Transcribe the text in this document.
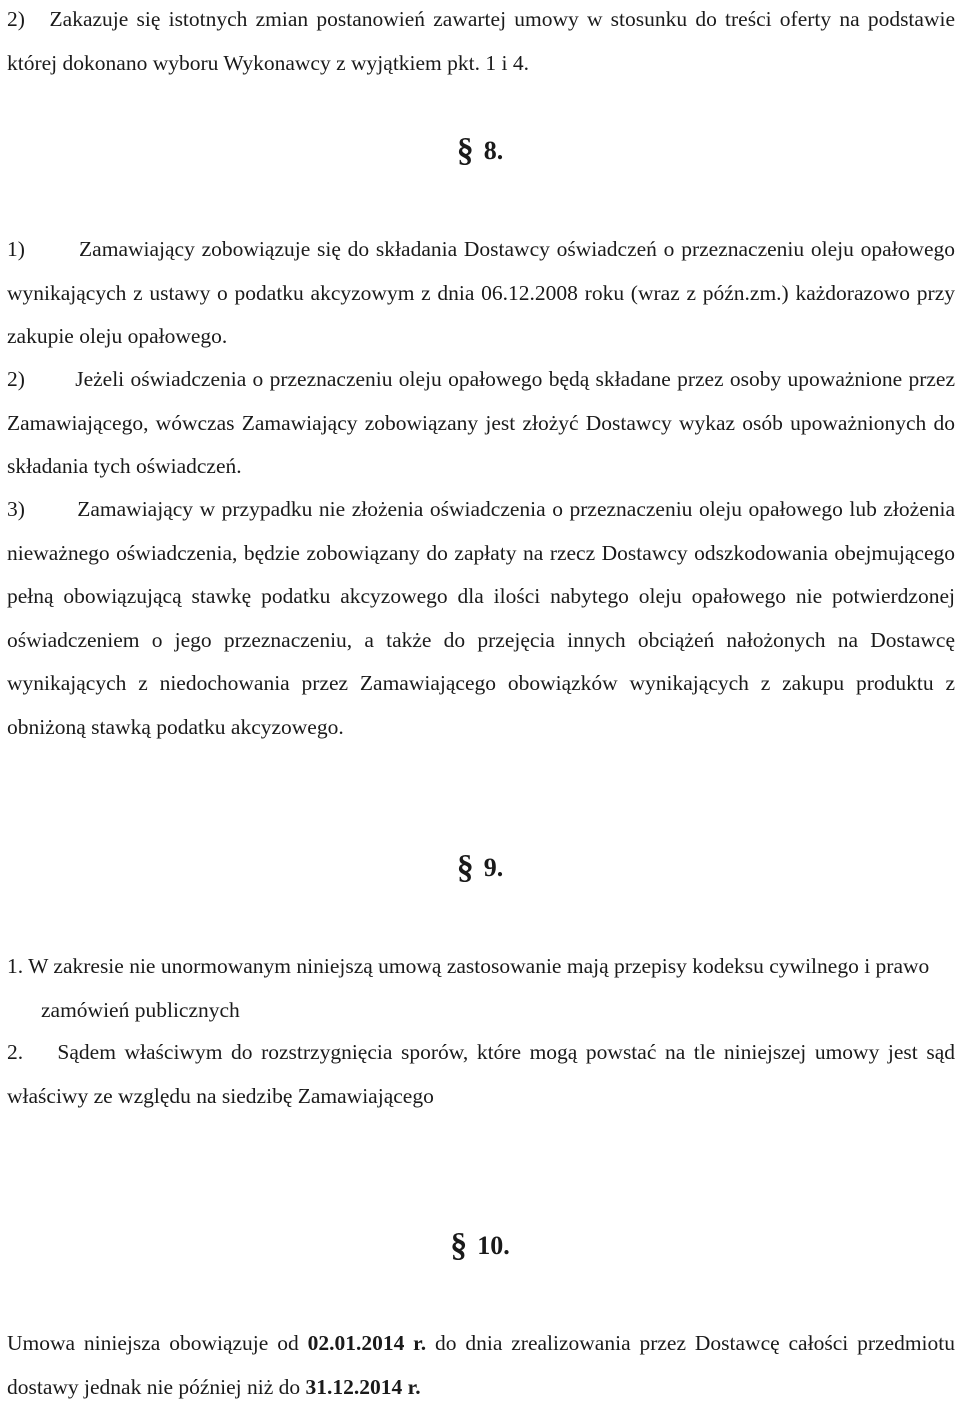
2) Zakazuje się istotnych zmian postanowień zawartej umowy w stosunku do treści oferty na podstawie której dokonano wyboru Wykonawcy z wyjątkiem pkt. 1 i 4.

§ 8.

1)	Zamawiający zobowiązuje się do składania Dostawcy oświadczeń o przeznaczeniu oleju opałowego wynikających z ustawy o podatku akcyzowym z dnia 06.12.2008 roku (wraz z późn.zm.) każdorazowo przy zakupie oleju opałowego.

2) Jeżeli oświadczenia o przeznaczeniu oleju opałowego będą składane przez osoby upoważnione przez Zamawiającego, wówczas Zamawiający zobowiązany jest złożyć Dostawcy wykaz osób upoważnionych do składania tych oświadczeń.

3) Zamawiający w przypadku nie złożenia oświadczenia o przeznaczeniu oleju opałowego lub złożenia nieważnego oświadczenia, będzie zobowiązany do zapłaty na rzecz Dostawcy odszkodowania obejmującego pełną obowiązującą stawkę podatku akcyzowego dla ilości nabytego oleju opałowego nie potwierdzonej oświadczeniem o jego przeznaczeniu, a także do przejęcia innych obciążeń nałożonych na Dostawcę wynikających z niedochowania przez Zamawiającego obowiązków wynikających z zakupu produktu z obniżoną stawką podatku akcyzowego.

§ 9.

1. W zakresie nie unormowanym niniejszą umową zastosowanie mają przepisy kodeksu cywilnego i prawo zamówień publicznych

2. Sądem właściwym do rozstrzygnięcia sporów, które mogą powstać na tle niniejszej umowy jest sąd właściwy ze względu na siedzibę Zamawiającego

§ 10.

Umowa niniejsza obowiązuje od 02.01.2014 r. do dnia zrealizowania przez Dostawcę całości przedmiotu dostawy jednak nie później niż do 31.12.2014 r.
